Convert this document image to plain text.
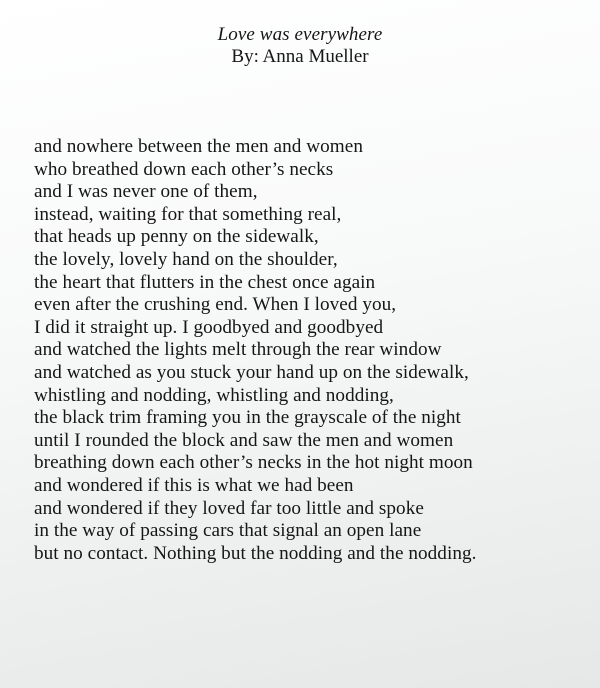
Love was everywhere
By: Anna Mueller
and nowhere between the men and women
who breathed down each other’s necks
and I was never one of them,
instead, waiting for that something real,
that heads up penny on the sidewalk,
the lovely, lovely hand on the shoulder,
the heart that flutters in the chest once again
even after the crushing end. When I loved you,
I did it straight up. I goodbyed and goodbyed
and watched the lights melt through the rear window
and watched as you stuck your hand up on the sidewalk,
whistling and nodding, whistling and nodding,
the black trim framing you in the grayscale of the night
until I rounded the block and saw the men and women
breathing down each other’s necks in the hot night moon
and wondered if this is what we had been
and wondered if they loved far too little and spoke
in the way of passing cars that signal an open lane
but no contact. Nothing but the nodding and the nodding.
